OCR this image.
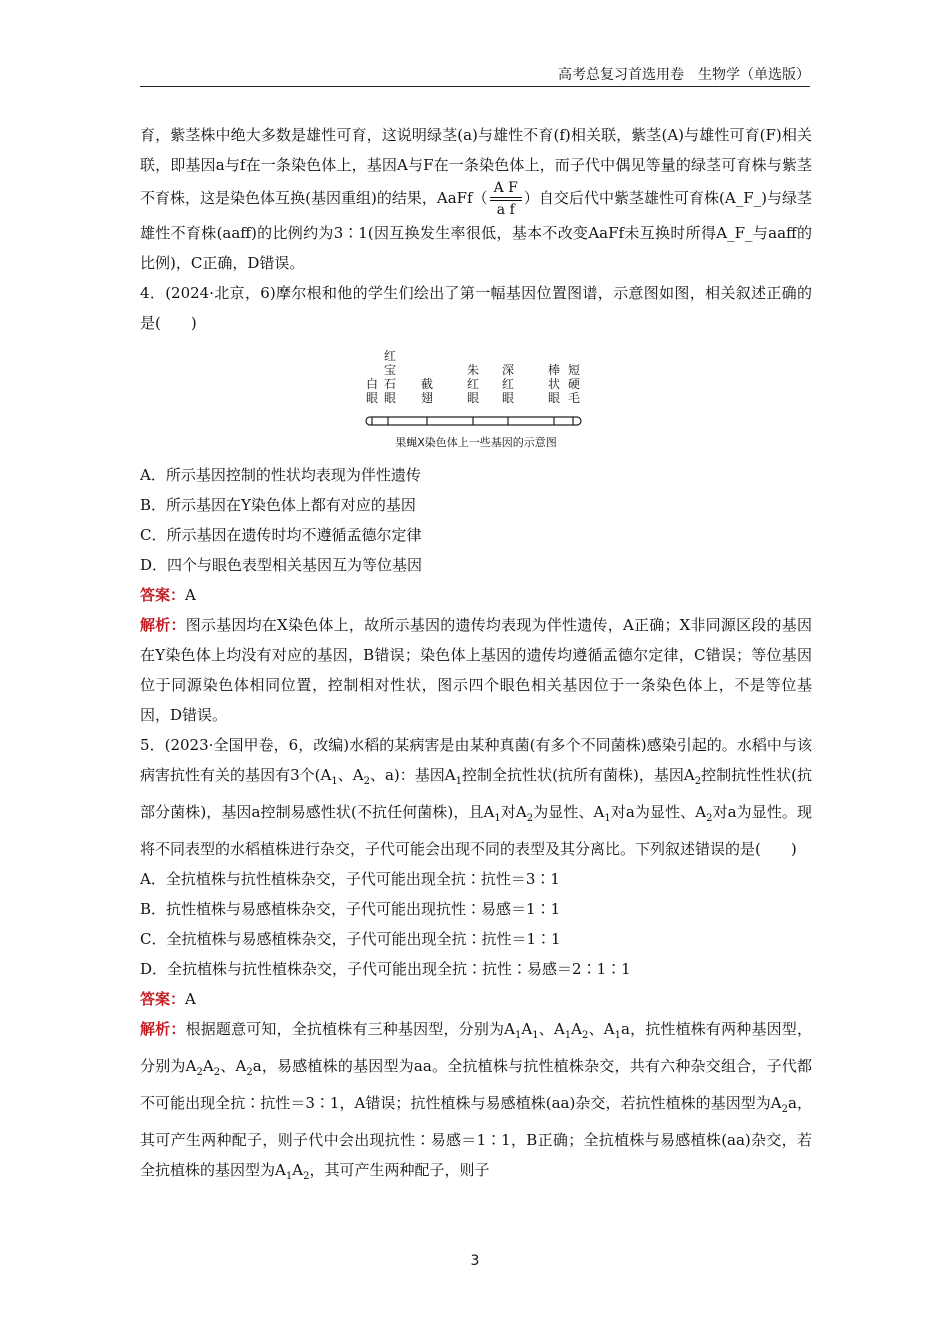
高考总复习首选用卷　生物学（单选版）
育，紫茎株中绝大多数是雄性可育，这说明绿茎(a)与雄性不育(f)相关联，紫茎(A)与雄性可育(F)相关联，即基因a与f在一条染色体上，基因A与F在一条染色体上，而子代中偶见等量的绿茎可育株与紫茎不育株，这是染色体互换(基因重组)的结果，AaFf（ $\frac{\text{A F}}{\text{a f}}$ ）自交后代中紫茎雄性可育株(A_F_)与绿茎雄性不育株(aaff)的比例约为3∶1(因互换发生率很低，基本不改变AaFf未互换时所得A_F_与aaff的比例)，C正确，D错误。
4．(2024·北京，6)摩尔根和他的学生们绘出了第一幅基因位置图谱，示意图如图，相关叙述正确的是(　　)
白眼
红宝石眼
截翅
朱红眼
深红眼
棒状眼
短硬毛
果蝇X染色体上一些基因的示意图
A．所示基因控制的性状均表现为伴性遗传
B．所示基因在Y染色体上都有对应的基因
C．所示基因在遗传时均不遵循孟德尔定律
D．四个与眼色表型相关基因互为等位基因
答案：A
解析：图示基因均在X染色体上，故所示基因的遗传均表现为伴性遗传，A正确；X非同源区段的基因在Y染色体上均没有对应的基因，B错误；染色体上基因的遗传均遵循孟德尔定律，C错误；等位基因位于同源染色体相同位置，控制相对性状，图示四个眼色相关基因位于一条染色体上，不是等位基因，D错误。
5．(2023·全国甲卷，6，改编)水稻的某病害是由某种真菌(有多个不同菌株)感染引起的。水稻中与该病害抗性有关的基因有3个($A_1$、$A_2$、a)：基因$A_1$控制全抗性状(抗所有菌株)，基因$A_2$控制抗性性状(抗部分菌株)，基因a控制易感性状(不抗任何菌株)，且$A_1$对$A_2$为显性、$A_1$对a为显性、$A_2$对a为显性。现将不同表型的水稻植株进行杂交，子代可能会出现不同的表型及其分离比。下列叙述错误的是(　　)
A．全抗植株与抗性植株杂交，子代可能出现全抗∶抗性＝3∶1
B．抗性植株与易感植株杂交，子代可能出现抗性∶易感＝1∶1
C．全抗植株与易感植株杂交，子代可能出现全抗∶抗性＝1∶1
D．全抗植株与抗性植株杂交，子代可能出现全抗∶抗性∶易感＝2∶1∶1
答案：A
解析：根据题意可知，全抗植株有三种基因型，分别为$A_1A_1$、$A_1A_2$、$A_1a$，抗性植株有两种基因型，分别为$A_2A_2$、$A_2a$，易感植株的基因型为aa。全抗植株与抗性植株杂交，共有六种杂交组合，子代都不可能出现全抗∶抗性＝3∶1，A错误；抗性植株与易感植株(aa)杂交，若抗性植株的基因型为$A_2a$，其可产生两种配子，则子代中会出现抗性∶易感＝1∶1，B正确；全抗植株与易感植株(aa)杂交，若全抗植株的基因型为$A_1A_2$，其可产生两种配子，则子
3
